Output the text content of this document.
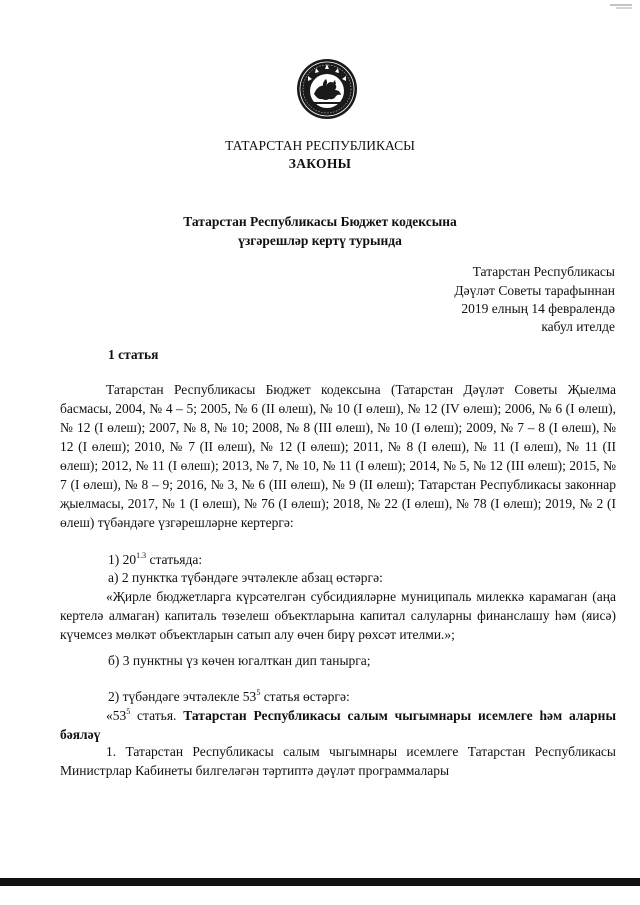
ТАТАРСТАН РЕСПУБЛИКАСЫ
ЗАКОНЫ
Татарстан Республикасы Бюджет кодексына
үзгәрешләр кертү турында
Татарстан Республикасы
Дәүләт Советы тарафыннан
2019 елның 14 февралендә
кабул ителде
1 статья
Татарстан Республикасы Бюджет кодексына (Татарстан Дәүләт Советы Җыелма басмасы, 2004, № 4 – 5; 2005, № 6 (II өлеш), № 10 (I өлеш), № 12 (IV өлеш); 2006, № 6 (I өлеш), № 12 (I өлеш); 2007, № 8, № 10; 2008, № 8 (III өлеш), № 10 (I өлеш); 2009, № 7 – 8 (I өлеш), № 12 (I өлеш); 2010, № 7 (II өлеш), № 12 (I өлеш); 2011, № 8 (I өлеш), № 11 (I өлеш), № 11 (II өлеш); 2012, № 11 (I өлеш); 2013, № 7, № 10, № 11 (I өлеш); 2014, № 5, № 12 (III өлеш); 2015, № 7 (I өлеш), № 8 – 9; 2016, № 3, № 6 (III өлеш), № 9 (II өлеш); Татарстан Республикасы законнар җыелмасы, 2017, № 1 (I өлеш), № 76 (I өлеш); 2018, № 22 (I өлеш), № 78 (I өлеш); 2019, № 2 (I өлеш) түбәндәге үзгәрешләрне кертергә:
1) $20^{1.3}$ статьяда:
а) 2 пунктка түбәндәге эчтәлекле абзац өстәргә:
«Җирле бюджетларга күрсәтелгән субсидияләрне муниципаль милеккә карамаган (аңа кертелә алмаган) капиталь төзелеш объектларына капитал салуларны финанслашу һәм (яисә) күчемсез мөлкәт объектларын сатып алу өчен бирү рөхсәт ителми.»;
б) 3 пунктны үз көчен югалткан дип танырга;
2) түбәндәге эчтәлекле $53^5$ статья өстәргә:
«$53^5$ статья. Татарстан Республикасы салым чыгымнары исемлеге һәм аларны бәяләү
1. Татарстан Республикасы салым чыгымнары исемлеге Татарстан Республикасы Министрлар Кабинеты билгеләгән тәртиптә дәүләт программалары
